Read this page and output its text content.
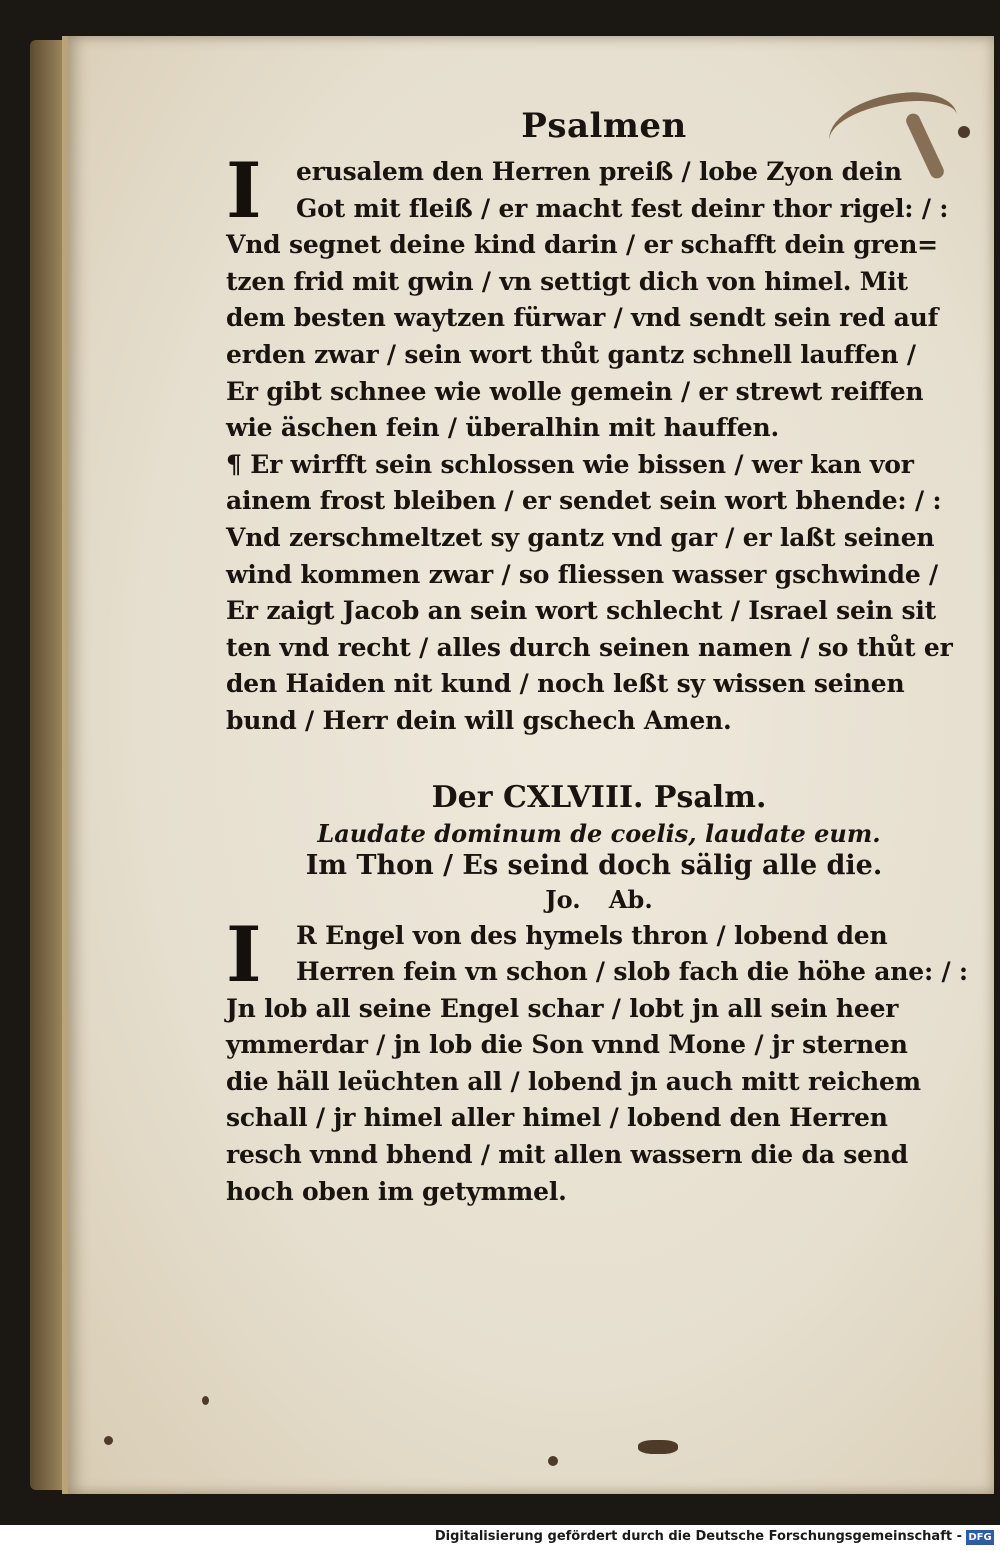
Psalmen
I	erusalem den Herren preiß / lobe Zyon dein
Got mit fleiß / er macht fest deinr thor rigel: / :
Vnd segnet deine kind darin / er schafft dein gren=
tzen frid mit gwin / vn settigt dich von himel. Mit
dem besten waytzen fürwar / vnd sendt sein red auf
erden zwar / sein wort thůt gantz schnell lauffen /
Er gibt schnee wie wolle gemein / er strewt reiffen
wie äschen fein / überalhin mit hauffen.
¶ Er wirfft sein schlossen wie bissen / wer kan vor
ainem frost bleiben / er sendet sein wort bhende: / :
Vnd zerschmeltzet sy gantz vnd gar / er laßt seinen
wind kommen zwar / so fliessen wasser gschwinde /
Er zaigt Jacob an sein wort schlecht / Israel sein sit
ten vnd recht / alles durch seinen namen / so thůt er
den Haiden nit kund / noch leßt sy wissen seinen
bund / Herr dein will gschech Amen.
Der CXLVIII. Psalm.
Laudate dominum de coelis, laudate eum.
Im Thon / Es seind doch sälig alle die.
Jo. Ab.
I	R Engel von des hymels thron / lobend den
Herren fein vn schon / slob fach die höhe ane: / :
Jn lob all seine Engel schar / lobt jn all sein heer
ymmerdar / jn lob die Son vnnd Mone / jr sternen
die häll leüchten all / lobend jn auch mitt reichem
schall / jr himel aller himel / lobend den Herren
resch vnnd bhend / mit allen wassern die da send
hoch oben im getymmel.
Digitalisierung gefördert durch die Deutsche Forschungsgemeinschaft - DFG
